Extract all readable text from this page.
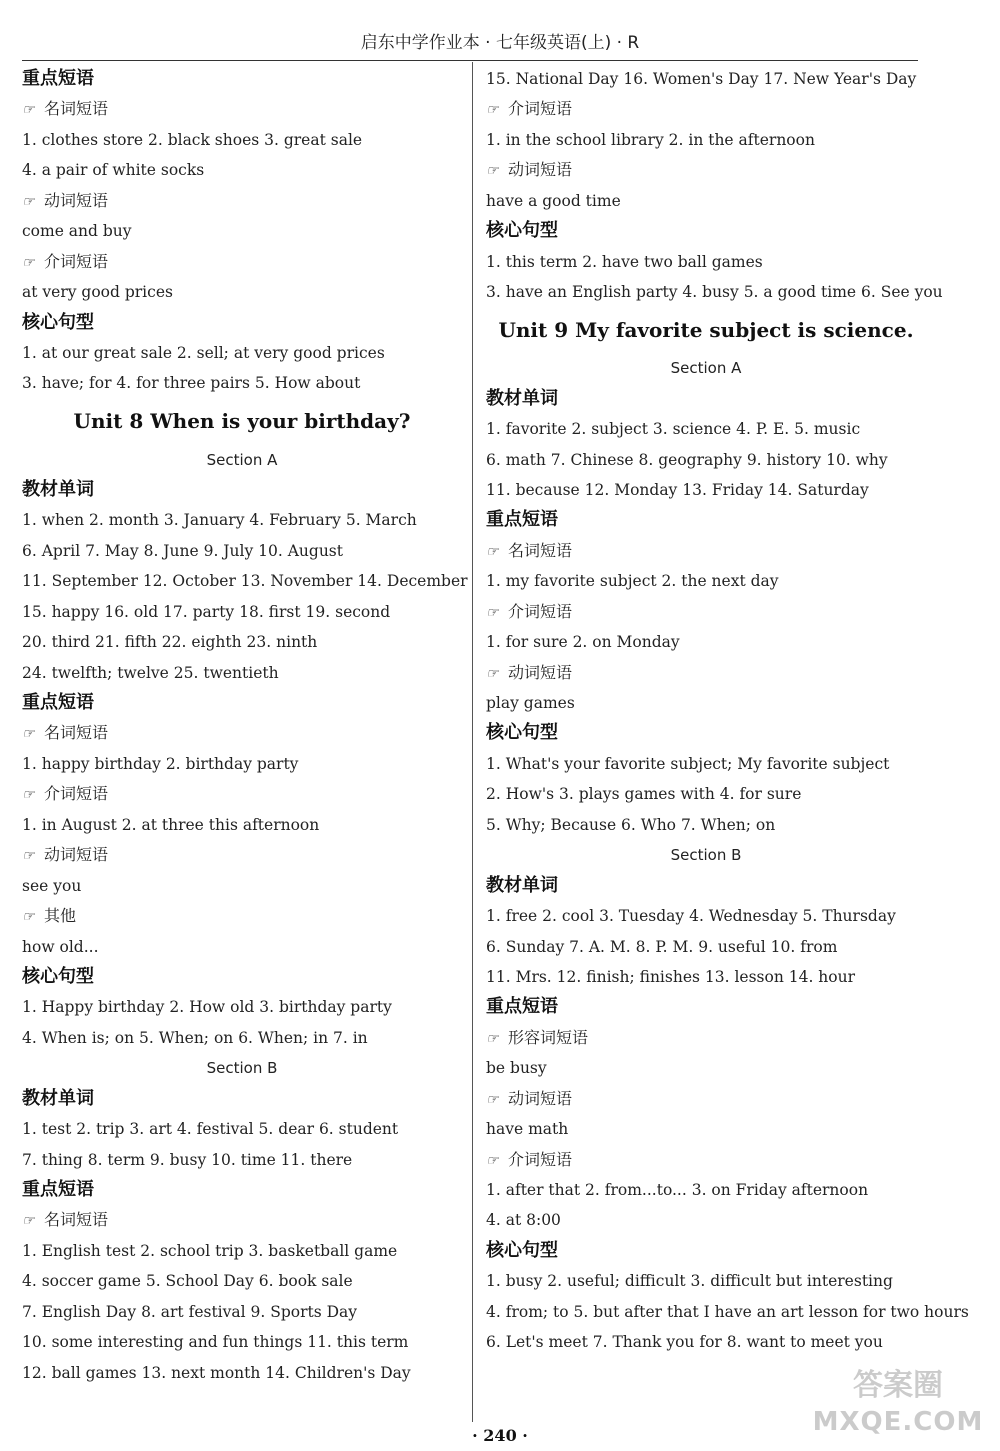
启东中学作业本 · 七年级英语(上) · R
重点短语
☞ 名词短语
1. clothes store 2. black shoes 3. great sale
4. a pair of white socks
☞ 动词短语
come and buy
☞ 介词短语
at very good prices
核心句型
1. at our great sale 2. sell; at very good prices
3. have; for 4. for three pairs 5. How about
Unit 8 When is your birthday?
Section A
教材单词
1. when 2. month 3. January 4. February 5. March
6. April 7. May 8. June 9. July 10. August
11. September 12. October 13. November 14. December
15. happy 16. old 17. party 18. first 19. second
20. third 21. fifth 22. eighth 23. ninth
24. twelfth; twelve 25. twentieth
重点短语
☞ 名词短语
1. happy birthday 2. birthday party
☞ 介词短语
1. in August 2. at three this afternoon
☞ 动词短语
see you
☞ 其他
how old...
核心句型
1. Happy birthday 2. How old 3. birthday party
4. When is; on 5. When; on 6. When; in 7. in
Section B
教材单词
1. test 2. trip 3. art 4. festival 5. dear 6. student
7. thing 8. term 9. busy 10. time 11. there
重点短语
☞ 名词短语
1. English test 2. school trip 3. basketball game
4. soccer game 5. School Day 6. book sale
7. English Day 8. art festival 9. Sports Day
10. some interesting and fun things 11. this term
12. ball games 13. next month 14. Children's Day
15. National Day 16. Women's Day 17. New Year's Day
☞ 介词短语
1. in the school library 2. in the afternoon
☞ 动词短语
have a good time
核心句型
1. this term 2. have two ball games
3. have an English party 4. busy 5. a good time 6. See you
Unit 9 My favorite subject is science.
Section A
教材单词
1. favorite 2. subject 3. science 4. P. E. 5. music
6. math 7. Chinese 8. geography 9. history 10. why
11. because 12. Monday 13. Friday 14. Saturday
重点短语
☞ 名词短语
1. my favorite subject 2. the next day
☞ 介词短语
1. for sure 2. on Monday
☞ 动词短语
play games
核心句型
1. What's your favorite subject; My favorite subject
2. How's 3. plays games with 4. for sure
5. Why; Because 6. Who 7. When; on
Section B
教材单词
1. free 2. cool 3. Tuesday 4. Wednesday 5. Thursday
6. Sunday 7. A. M. 8. P. M. 9. useful 10. from
11. Mrs. 12. finish; finishes 13. lesson 14. hour
重点短语
☞ 形容词短语
be busy
☞ 动词短语
have math
☞ 介词短语
1. after that 2. from...to... 3. on Friday afternoon
4. at 8:00
核心句型
1. busy 2. useful; difficult 3. difficult but interesting
4. from; to 5. but after that I have an art lesson for two hours
6. Let's meet 7. Thank you for 8. want to meet you
· 240 ·
答案圈
MXQE.COM
